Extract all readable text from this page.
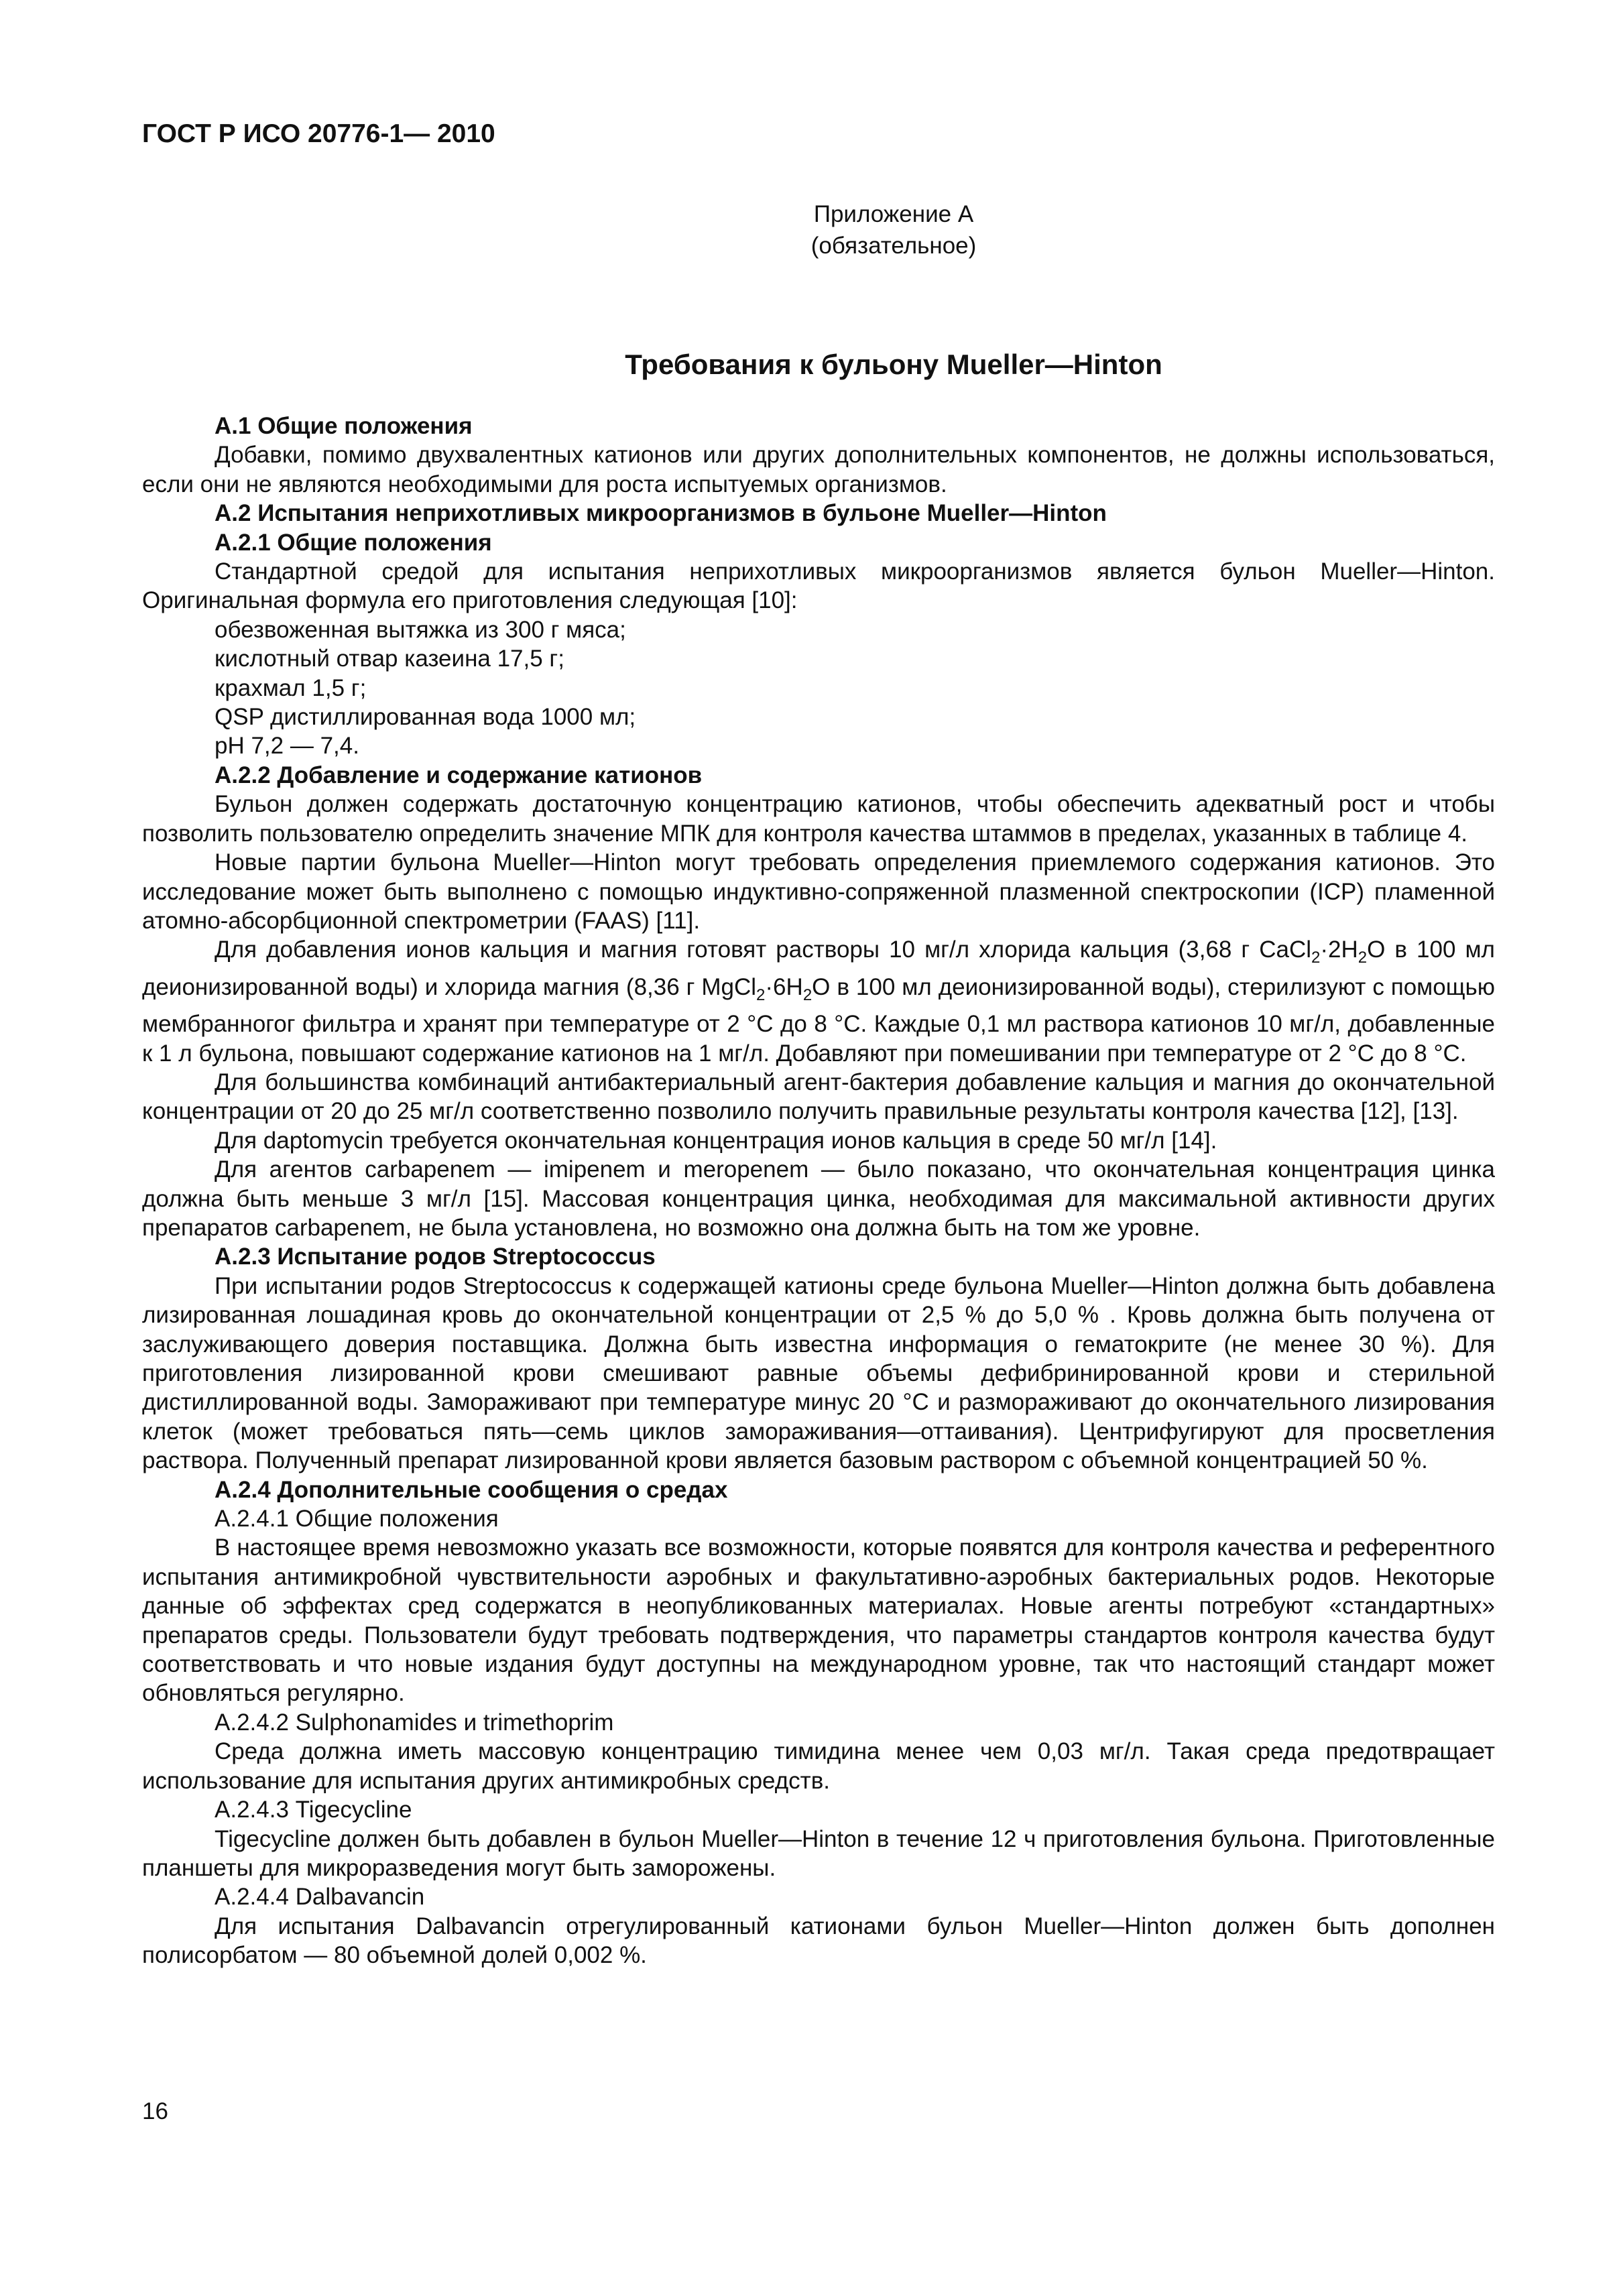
ГОСТ Р ИСО 20776-1— 2010
Приложение А
(обязательное)
Требования к бульону Mueller—Hinton

А.1 Общие положения

Добавки, помимо двухвалентных катионов или других дополнительных компонентов, не должны использоваться, если они не являются необходимыми для роста испытуемых организмов.

А.2 Испытания неприхотливых микроорганизмов в бульоне Mueller—Hinton

А.2.1 Общие положения

Стандартной средой для испытания неприхотливых микроорганизмов является бульон Mueller—Hinton. Оригинальная формула его приготовления следующая [10]:

обезвоженная вытяжка из 300 г мяса;

кислотный отвар казеина 17,5 г;

крахмал 1,5 г;

QSP дистиллированная вода 1000 мл;

pH 7,2 — 7,4.

А.2.2 Добавление и содержание катионов

Бульон должен содержать достаточную концентрацию катионов, чтобы обеспечить адекватный рост и чтобы позволить пользователю определить значение МПК для контроля качества штаммов в пределах, указанных в таблице 4.

Новые партии бульона Mueller—Hinton могут требовать определения приемлемого содержания катионов. Это исследование может быть выполнено с помощью индуктивно-сопряженной плазменной спектроскопии (ICP) пламенной атомно-абсорбционной спектрометрии (FAAS) [11].

Для добавления ионов кальция и магния готовят растворы 10 мг/л хлорида кальция (3,68 г $CaCl_2\cdot 2H_2O$ в 100 мл деионизированной воды) и хлорида магния (8,36 г $MgCl_2\cdot 6H_2O$ в 100 мл деионизированной воды), стерилизуют с помощью мембранногог фильтра и хранят при температуре от 2 °С до 8 °С. Каждые 0,1 мл раствора катионов 10 мг/л, добавленные к 1 л бульона, повышают содержание катионов на 1 мг/л. Добавляют при помешивании при температуре от 2 °С до 8 °С.

Для большинства комбинаций антибактериальный агент-бактерия добавление кальция и магния до окончательной концентрации от 20 до 25 мг/л соответственно позволило получить правильные результаты контроля качества [12], [13].

Для daptomycin требуется окончательная концентрация ионов кальция в среде 50 мг/л [14].

Для агентов carbapenem — imipenem и meropenem — было показано, что окончательная концентрация цинка должна быть меньше 3 мг/л [15]. Массовая концентрация цинка, необходимая для максимальной активности других препаратов carbapenem, не была установлена, но возможно она должна быть на том же уровне.

А.2.3 Испытание родов Streptococcus

При испытании родов Streptococcus к содержащей катионы среде бульона Mueller—Hinton должна быть добавлена лизированная лошадиная кровь до окончательной концентрации от 2,5 % до 5,0 % . Кровь должна быть получена от заслуживающего доверия поставщика. Должна быть известна информация о гематокрите (не менее 30 %). Для приготовления лизированной крови смешивают равные объемы дефибринированной крови и стерильной дистиллированной воды. Замораживают при температуре минус 20 °С и размораживают до окончательного лизирования клеток (может требоваться пять—семь циклов замораживания—оттаивания). Центрифугируют для просветления раствора. Полученный препарат лизированной крови является базовым раствором с объемной концентрацией 50 %.

А.2.4 Дополнительные сообщения о средах

А.2.4.1 Общие положения

В настоящее время невозможно указать все возможности, которые появятся для контроля качества и референтного испытания антимикробной чувствительности аэробных и факультативно-аэробных бактериальных родов. Некоторые данные об эффектах сред содержатся в неопубликованных материалах. Новые агенты потребуют «стандартных» препаратов среды. Пользователи будут требовать подтверждения, что параметры стандартов контроля качества будут соответствовать и что новые издания будут доступны на международном уровне, так что настоящий стандарт может обновляться регулярно.

А.2.4.2 Sulphonamides и trimethoprim

Среда должна иметь массовую концентрацию тимидина менее чем 0,03 мг/л. Такая среда предотвращает использование для испытания других антимикробных средств.

А.2.4.3 Tigecycline

Tigecycline должен быть добавлен в бульон Mueller—Hinton в течение 12 ч приготовления бульона. Приготовленные планшеты для микроразведения могут быть заморожены.

А.2.4.4 Dalbavancin

Для испытания Dalbavancin отрегулированный катионами бульон Mueller—Hinton должен быть дополнен полисорбатом — 80 объемной долей 0,002 %.

16
